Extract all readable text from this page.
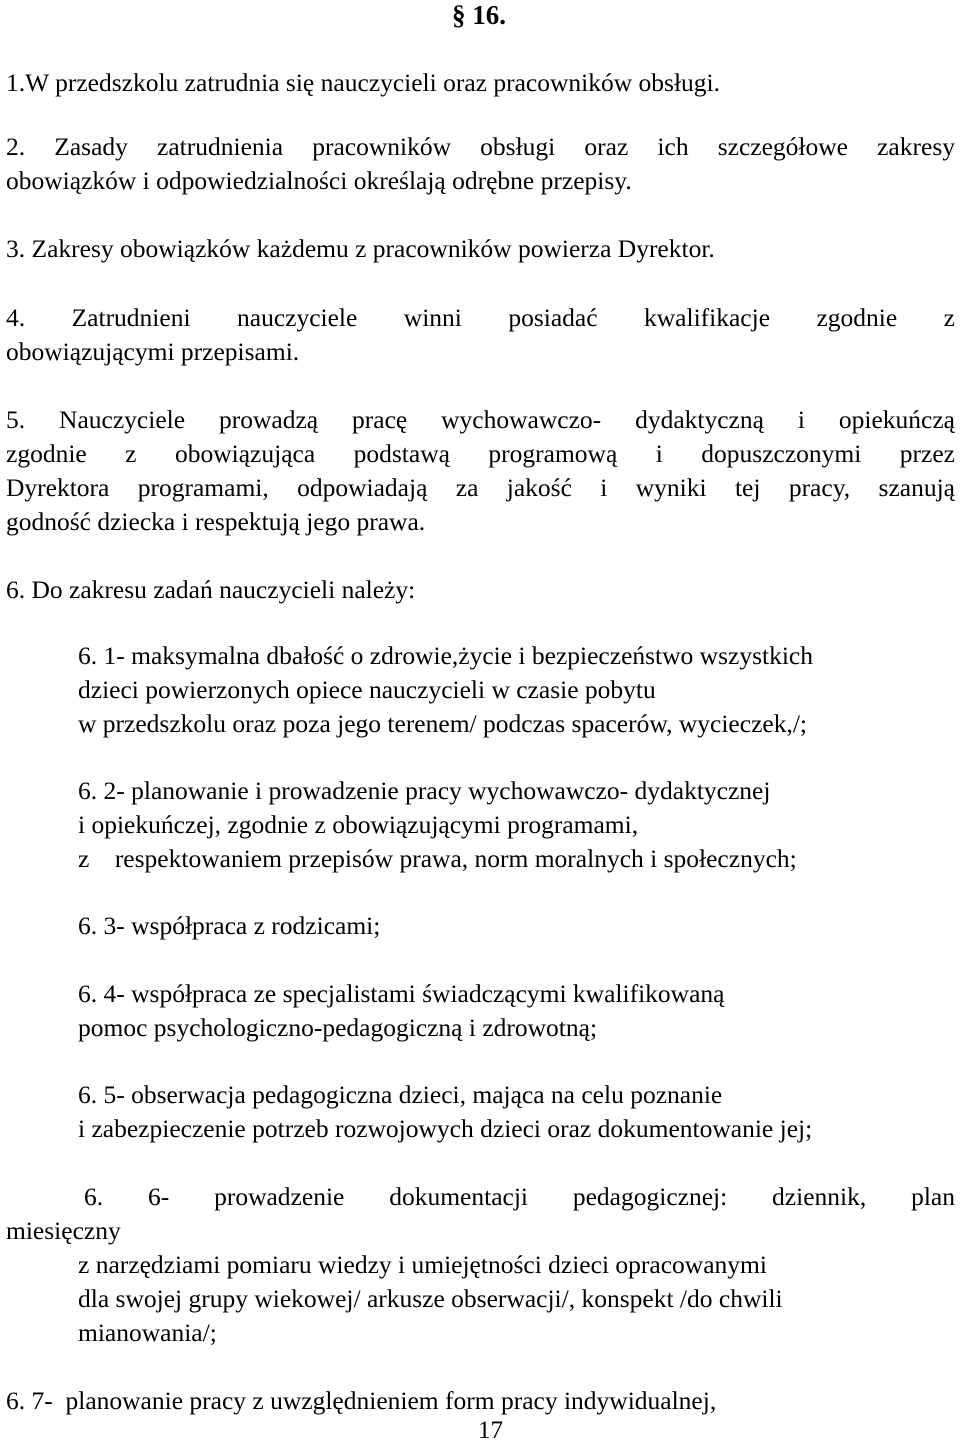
§ 16.

1.W przedszkolu zatrudnia się nauczycieli oraz pracowników obsługi.

2. Zasady zatrudnienia pracowników obsługi oraz ich szczegółowe zakresy
obowiązków i odpowiedzialności określają odrębne przepisy.

3. Zakresy obowiązków każdemu z pracowników powierza Dyrektor.

4. Zatrudnieni nauczyciele winni posiadać kwalifikacje zgodnie z
obowiązującymi przepisami.

5. Nauczyciele prowadzą pracę wychowawczo- dydaktyczną i opiekuńczą
zgodnie z obowiązująca podstawą programową i dopuszczonymi przez
Dyrektora programami, odpowiadają za jakość i wyniki tej pracy, szanują
godność dziecka i respektują jego prawa.

6. Do zakresu zadań nauczycieli należy:

6. 1- maksymalna dbałość o zdrowie,życie i bezpieczeństwo wszystkich
dzieci powierzonych opiece nauczycieli w czasie pobytu
w przedszkolu oraz poza jego terenem/ podczas spacerów, wycieczek,/;

6. 2- planowanie i prowadzenie pracy wychowawczo- dydaktycznej
i opiekuńczej, zgodnie z obowiązującymi programami,
z    respektowaniem przepisów prawa, norm moralnych i społecznych;

6. 3- współpraca z rodzicami;

6. 4- współpraca ze specjalistami świadczącymi kwalifikowaną
pomoc psychologiczno-pedagogiczną i zdrowotną;

6. 5- obserwacja pedagogiczna dzieci, mająca na celu poznanie
i zabezpieczenie potrzeb rozwojowych dzieci oraz dokumentowanie jej;

6. 6- prowadzenie dokumentacji pedagogicznej: dziennik, plan
miesięczny

z narzędziami pomiaru wiedzy i umiejętności dzieci opracowanymi
dla swojej grupy wiekowej/ arkusze obserwacji/, konspekt /do chwili
mianowania/;

6. 7-  planowanie pracy z uwzględnieniem form pracy indywidualnej,

17
